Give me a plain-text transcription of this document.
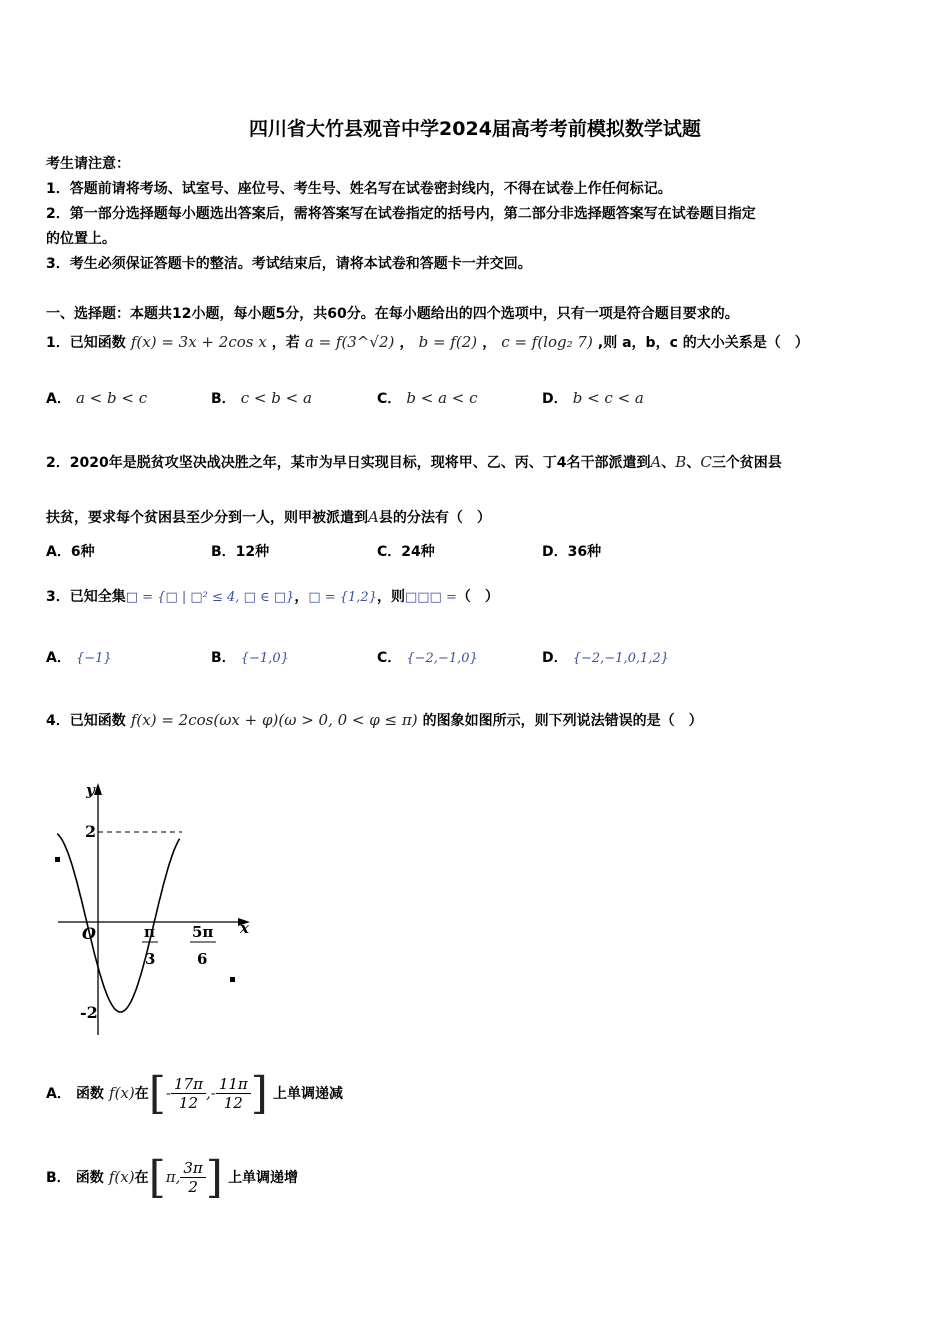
四川省大竹县观音中学2024届高考考前模拟数学试题
考生请注意：
1．答题前请将考场、试室号、座位号、考生号、姓名写在试卷密封线内，不得在试卷上作任何标记。
2．第一部分选择题每小题选出答案后，需将答案写在试卷指定的括号内，第二部分非选择题答案写在试卷题目指定
的位置上。
3．考生必须保证答题卡的整洁。考试结束后，请将本试卷和答题卡一并交回。
一、选择题：本题共12小题，每小题5分，共60分。在每小题给出的四个选项中，只有一项是符合题目要求的。
1．已知函数 f(x) = 3x + 2cos x ，若 a = f(3^√2) ， b = f(2) ， c = f(log₂ 7) ,则 a，b，c 的大小关系是（　）
A． a < b < c	B． c < b < a	C． b < a < c	D． b < c < a
2．2020年是脱贫攻坚决战决胜之年，某市为早日实现目标，现将甲、乙、丙、丁4名干部派遣到A、B、C三个贫困县
扶贫，要求每个贫困县至少分到一人，则甲被派遣到A县的分法有（　）
A．6种	B．12种	C．24种	D．36种
3．已知全集□ = {□ | □² ≤ 4, □ ∈ □}，□ = {1,2}，则□□□ =（　）
A． {−1}	B． {−1,0}	C． {−2,−1,0}	D． {−2,−1,0,1,2}
4．已知函数 f(x) = 2cos(ωx + φ)(ω > 0, 0 < φ ≤ π) 的图象如图所示，则下列说法错误的是（　）
y
x
O
2
-2
π
3
5π
6
A． 函数 f(x)在[- $\frac{17\pi}{12}$ ,- $\frac{11\pi}{12}$ ] 上单调递减
B． 函数 f(x)在[π, $\frac{3\pi}{2}$ ] 上单调递增
